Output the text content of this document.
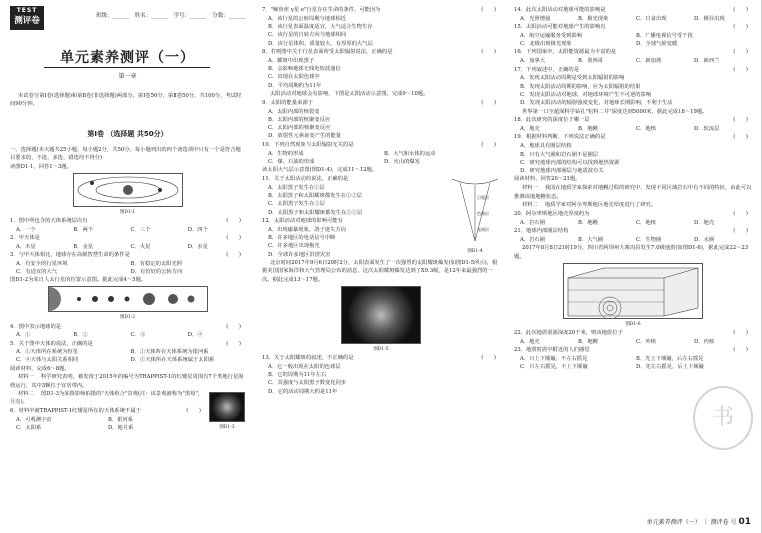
TEST
测评卷	班级：______ 姓名：______ 学号：______ 分数：______
单元素养测评（一）
第一章
本试卷分第Ⅰ卷(选择题)和第Ⅱ卷(非选择题)两部分。第Ⅰ卷50分，第Ⅱ卷50分，共100分，考试时间90分钟。
第Ⅰ卷 （选择题 共50分）
一、选择题(本大题共25小题，每小题2分，共50分。每小题列出的四个备选项中只有一个是符合题目要求的，不选、多选、错选均不得分)
读图D1-1，回答1～3题。
图D1-1
1．图中所包含的天体系统层次有	(　　)
A．一个	B．两个	C．三个	D．四个
2．甲天体是	(　　)
A．木星	B．金星	C．火星	D．水星
3．与甲天体相比，地球存在高级智慧生命的条件是	(　　)
A．有安全的行星环境	B．有稳定的太阳光照
C．有适宜的大气	D．有恰好的公转方向
图D1-2为某日人太行星的位置示意图。据此完成4～5题。
图D1-2
4．图中表示地球的是	(　　)
A．①	B．②	C．③	D．④
5．关于图中天体的说法，正确的是	(　　)
A．①天体所在系统为恒星	B．①天体所在天体系统为银河系
C．④天体与太阳关系相同	D．①天体所在天体系统属于太阳系
阅读材料，完成6～8题。
材料一 　科学研究表明，被发现于2015年的编号为TRAPPIST-1的红矮星周围有7个类地行星围绕运行，其中3颗位于宜居带内。
图D1-3
材料二 　图D1-3为某摄影师拍摄的"天体组合"景观(注：该景观被称为"黑莓"，月亮)。
6．材料中被TRAPPIST-1红矮星所在的天体系统不属于	(　　)
A．可观测宇宙	B．银河系
C．太阳系	D．地月系
7．"鲸鱼座 γ星 e"行星存在生命的条件，可能因为	(　　)
A．该行星的公转周期与地球相近
B．该行星表面温度适宜，大气适合生物生存
C．该行星的自转方向与地球相同
D．该行星体积、质量较大，有厚厚的大气层
8．若则图中关于行星表面所受太阳辐射说法，正确的是	(　　)
A．耀斑中出现黑子
B．会影响地球无线电短波通信
C．出现在太阳色球中
D．平均周期约为11年
太阳活动对地球会有影响，下图是太阳活动示意图。完成9～10题。
9．太阳的能量来源于	(　　)
A．太阳内部的核裂变
B．太阳内部的核聚变反应
C．太阳内部的核聚变反应
D．放射性元素衰变产生的能量
10．下列自然现象与太阳辐射无关的是	(　　)
A．生物的形成	B．大气和水体的运动
C．煤、石油的形成	D．火山的爆发
读太阳大气层示意图(图D1-4)，完成11～12题。
日冕层
色球层
光球层
图D1-4
11．关于太阳活动的说法，正确的是
A．太阳黑子发生在①层
B．太阳黑子和太阳耀斑都发生在①②层
C．太阳黑子发生在②层
D．太阳黑子和太阳耀斑都发生在①②层
12．太阳活动对地球的影响可能有
A．出现磁暴现象，鸽子迷失方向
B．许多地区的电话信号中断
C．许多地区出现极光
D．全球许多地区洪涝灾害
北京时间2017年9月6日20时2分，太阳表面发生了一次强烈的太阳耀斑爆发(如图D1-5所示)，根据美国国家海洋和大气管理局公布的消息，这次太阳耀斑爆发达到了X9.3级，是12年来最强烈的一次。据此完成13～17题。
图D1-5
13．关于太阳耀斑的叙述，不正确的是	(　　)
A．它一般出现在太阳的色球层
B．它的周期为11年左右
C．其强度与太阳黑子数变化同步
D．它的活动周期大约是11年
14．此次太阳活动对地球可能的影响是	(　　)
A．光照增强	B．极光现象	C．日食出现	D．极昼出现
15．太阳活动可能对地球产生的影响有	(　　)
A．航空运输服务受到影响	B．广播电视信号受干扰
C．北极出现极光现象	D．全球气候变暖
16．下列国家中，太阳能资源最为丰富的是	(　　)
A．加拿大	B．墨西哥	C．新加坡	D．新西兰
17．下列叙述中，正确的是	(　　)
A．发现太阳活动周期是受到太阳辐射的影响
B．发现太阳活动周期的影响，应为太阳辐射的结果
C．发现太阳活动对地球，对地球环境产生不可逆的影响
D．发现太阳活动的辐射强度变化，对地球长期影响，不利于生活
世界第一口全超深科学钻孔"松科二井"深度达到5000米，据此完成18～19题。
18．此次研究的深度位于哪一层	(　　)
A．地壳	B．地幔	C．地核	D．软流层
19．根据材料判断，下列说法正确的是	(　　)
A．地球具有圈层结构
B．只有大气圈和岩石圈不是圈层
C．研究地球内部的结构可以找到地热资源
D．研究地球内部圈层与地震波有关
阅读材料，回答20～21题。
材料一 　我国在地质学家探索对地幔过程的研究中，发现不同区域岩石中有不同的特征，由此可以推测该地地幔状态。
材料二 　地质学家对阿尔卑斯地区地壳厚度进行了研究。
20．阿尔卑斯地区地壳厚度约为	(　　)
A．岩石圈	B．地幔	C．地核	D．地壳
21．地球内部圈层结构	(　　)
A．岩石圈	B．大气圈	C．生物圈	D．水圈
2017年8月8日21时19分，四川省阿坝州九寨沟县发生7.0级地震(如图D1-6)，据此完成22～23题。
图D1-6
22．此次地震震源深度20千米，则该地震位于	(　　)
A．地壳	B．地幔	C．外核	D．内核
23．地震时震中附近的人们感觉	(　　)
A．只上下颠簸，不左右摇晃	B．先上下颠簸，后左右摇晃
C．只左右摇晃，不上下颠簸	D．先左右摇晃，后上下颠簸
书
单元素养测评（一） ｜ 测评卷 号 01
